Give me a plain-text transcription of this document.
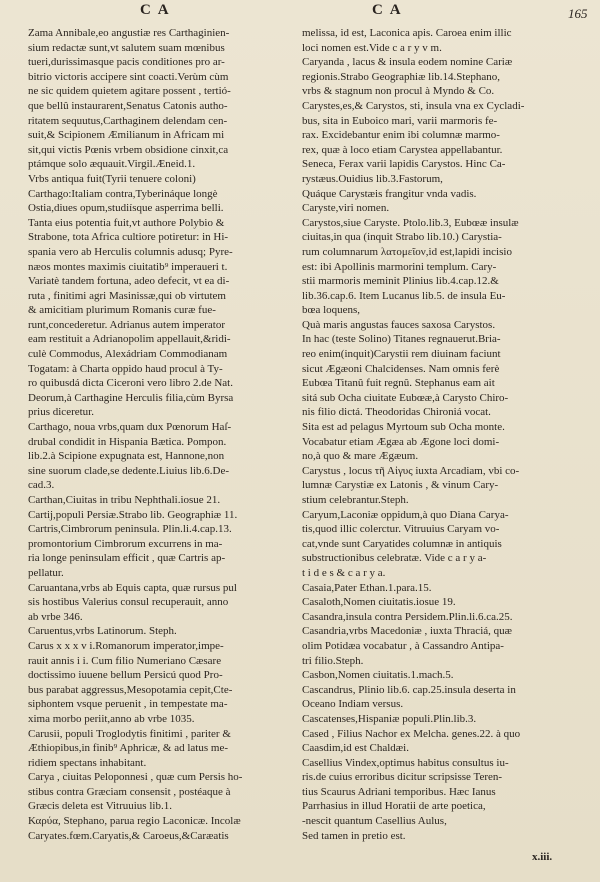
C A	C A	165

Zama Annibale,eo angustiæ res Carthaginien-

sium redactæ sunt,vt salutem suam mœnibus

tueri,durissimasque pacis conditiones pro ar-

bitrio victoris accipere sint coacti.Verùm cùm

ne sic quidem quietem agitare possent , tertió-

que bellû instaurarent,Senatus Catonis autho-

ritatem sequutus,Carthaginem delendam cen-

suit,& Scipionem Æmilianum in Africam mi

sit,qui victis Pœnis vrbem obsidione cinxit,ca

ptámque solo æquauit.Virgil.Æneid.1.

Vrbs antiqua fuit(Tyrii tenuere coloni)

Carthago:Italiam contra,Tyberináque longè

Ostia,diues opum,studiísque asperrima belli.

Tanta eius potentia fuit,vt authore Polybio &

Strabone, tota Africa cultiore potiretur: in Hi-

spania vero ab Herculis columnis adusq; Pyre-

næos montes maximis ciuitatib⁹ imperaueri t.

Variatè tandem fortuna, adeo defecit, vt ea di-

ruta , finitimi agri Masinissæ,qui ob virtutem

& amicitiam plurimum Romanis curæ fue-

runt,concederetur. Adrianus autem imperator

eam restituit a Adrianopolim appellauit,&ridi-

culè Commodus, Alexádriam Commodianam

Togatam: à Charta oppido haud procul à Ty-

ro quibusdá dicta Ciceroni vero libro 2.de Nat.

Deorum,à Carthagine Herculis filia,cùm Byrsa

prius diceretur.

Carthago, noua vrbs,quam dux Pœnorum Haſ-

drubal condidit in Hispania Bætica. Pompon.

lib.2.à Scipione expugnata est, Hannone,non

sine suorum clade,se dedente.Liuius lib.6.De-

cad.3.

Carthan,Ciuitas in tribu Nephthali.iosue 21.

Cartij,populi Persiæ.Strabo lib. Geographiæ 11.

Cartris,Cimbrorum peninsula. Plin.li.4.cap.13.

promontorium Cimbrorum excurrens in ma-

ria longe peninsulam efficit , quæ Cartris ap-

pellatur.

Caruantana,vrbs ab Equis capta, quæ rursus pul

sis hostibus Valerius consul recuperauit, anno

ab vrbe 346.

Caruentus,vrbs Latinorum. Steph.

Carus x x x v i.Romanorum imperator,impe-

rauit annis i i. Cum filio Numeriano Cæsare

doctissimo iuuene bellum Persicú quod Pro-

bus parabat aggressus,Mesopotamia cepit,Cte-

siphontem vsque peruenit , in tempestate ma-

xima morbo periit,anno ab vrbe 1035.

Carusii, populi Troglodytis finitimi , pariter &

Æthiopibus,in finib⁹ Aphricæ, & ad latus me-

ridiem spectans inhabitant.

Carya , ciuitas Peloponnesi , quæ cum Persis ho-

stibus contra Græciam consensit , postéaque à

Græcis deleta est Vitruuius lib.1.

Καρύα, Stephano, parua regio Laconicæ. Incolæ

Caryates.fœm.Caryatis,& Caroeus,&Caræatis

melissa, id est, Laconica apis. Caroea enim illic

loci nomen est.Vide c a r y v m.

Caryanda , lacus & insula eodem nomine Cariæ

regionis.Strabo Geographiæ lib.14.Stephano,

vrbs & stagnum non procul à Myndo & Co.

Carystes,es,& Carystos, sti, insula vna ex Cycladi-

bus, sita in Euboico mari, varii marmoris fe-

rax. Excidebantur enim ibi columnæ marmo-

rex, quæ à loco etiam Carystea appellabantur.

Seneca, Ferax varii lapidis Carystos. Hinc Ca-

rystæus.Ouidius lib.3.Fastorum,

Quáque Carystæis frangitur vnda vadis.

Caryste,viri nomen.

Carystos,siue Caryste. Ptolo.lib.3, Eubœæ insulæ

ciuitas,in qua (inquit Strabo lib.10.) Carystia-

rum columnarum λατομεῖον,id est,lapidi incisio

est: ibi Apollinis marmorini templum. Cary-

stii marmoris meminit Plinius lib.4.cap.12.&

lib.36.cap.6. Item Lucanus lib.5. de insula Eu-

bœa loquens,

Quà maris angustas fauces saxosa Carystos.

In hac (teste Solino) Titanes regnauerut.Bria-

reo enim(inquit)Carystii rem diuinam faciunt

sicut Ægæoni Chalcidenses. Nam omnis ferè

Eubœa Titanû fuit regnû. Stephanus eam ait

sitá sub Ocha ciuitate Eubœæ,à Carysto Chiro-

nis filio dictá. Theodoridas Chironiá vocat.

Sita est ad pelagus Myrtoum sub Ocha monte.

Vocabatur etiam Ægæa ab Ægone loci domi-

no,à quo & mare Ægæum.

Carystus , locus τῆ Αἰγυς iuxta Arcadiam, vbi co-

lumnæ Carystiæ ex Latonis , & vinum Cary-

stium celebrantur.Steph.

Caryum,Laconiæ oppidum,à quo Diana Carya-

tis,quod illic colerctur. Vitruuius Caryam vo-

cat,vnde sunt Caryatides columnæ in antiquis

substructionibus celebratæ. Vide c a r y a-

t i d e s & c a r y a.

Casaia,Pater Ethan.1.para.15.

Casaloth,Nomen ciuitatis.iosue 19.

Casandra,insula contra Persidem.Plin.li.6.ca.25.

Casandria,vrbs Macedoniæ , iuxta Thraciá, quæ

olim Potidæa vocabatur , à Cassandro Antipa-

tri filio.Steph.

Casbon,Nomen ciuitatis.1.mach.5.

Cascandrus, Plinio lib.6. cap.25.insula deserta in

Oceano Indiam versus.

Cascatenses,Hispaniæ populi.Plin.lib.3.

Cased , Filius Nachor ex Melcha. genes.22. à quo

Caasdim,id est Chaldæi.

Casellius Vindex,optimus habitus consultus iu-

ris.de cuius erroribus dicitur scripsisse Teren-

tius Scaurus Adriani temporibus. Hæc Ianus

Parrhasius in illud Horatii de arte poetica,

-nescit quantum Casellius Aulus,

Sed tamen in pretio est.

x.iii.
